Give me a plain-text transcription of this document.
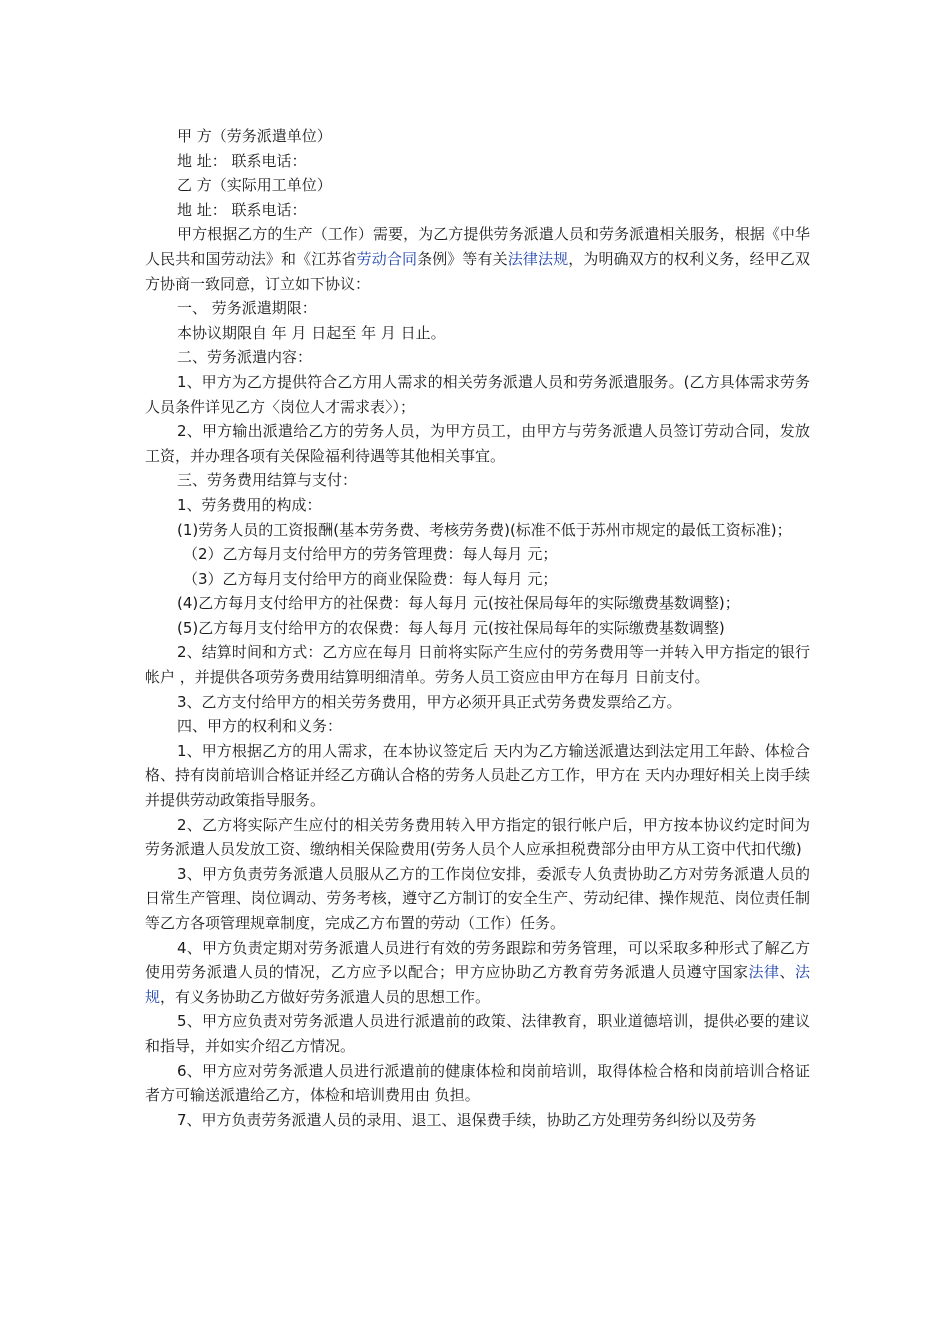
甲 方（劳务派遣单位）

地 址： 联系电话：

乙 方（实际用工单位）

地 址： 联系电话：

甲方根据乙方的生产（工作）需要，为乙方提供劳务派遣人员和劳务派遣相关服务，根据《中华人民共和国劳动法》和《江苏省劳动合同条例》等有关法律法规，为明确双方的权利义务，经甲乙双方协商一致同意，订立如下协议：

一、 劳务派遣期限：

本协议期限自 年 月 日起至 年 月 日止。

二、劳务派遣内容：

1、甲方为乙方提供符合乙方用人需求的相关劳务派遣人员和劳务派遣服务。(乙方具体需求劳务人员条件详见乙方〈岗位人才需求表〉）；

2、甲方输出派遣给乙方的劳务人员，为甲方员工，由甲方与劳务派遣人员签订劳动合同，发放工资，并办理各项有关保险福利待遇等其他相关事宜。

三、劳务费用结算与支付：

1、劳务费用的构成：

(1)劳务人员的工资报酬(基本劳务费、考核劳务费)(标准不低于苏州市规定的最低工资标准)；

（2）乙方每月支付给甲方的劳务管理费：每人每月 元；

（3）乙方每月支付给甲方的商业保险费：每人每月 元；

(4)乙方每月支付给甲方的社保费：每人每月 元(按社保局每年的实际缴费基数调整)；

(5)乙方每月支付给甲方的农保费：每人每月 元(按社保局每年的实际缴费基数调整)

2、结算时间和方式：乙方应在每月 日前将实际产生应付的劳务费用等一并转入甲方指定的银行帐户 ，并提供各项劳务费用结算明细清单。劳务人员工资应由甲方在每月 日前支付。

3、乙方支付给甲方的相关劳务费用，甲方必须开具正式劳务费发票给乙方。

四、甲方的权利和义务：

1、甲方根据乙方的用人需求，在本协议签定后 天内为乙方输送派遣达到法定用工年龄、体检合格、持有岗前培训合格证并经乙方确认合格的劳务人员赴乙方工作，甲方在 天内办理好相关上岗手续并提供劳动政策指导服务。

2、乙方将实际产生应付的相关劳务费用转入甲方指定的银行帐户后，甲方按本协议约定时间为劳务派遣人员发放工资、缴纳相关保险费用(劳务人员个人应承担税费部分由甲方从工资中代扣代缴)

3、甲方负责劳务派遣人员服从乙方的工作岗位安排，委派专人负责协助乙方对劳务派遣人员的日常生产管理、岗位调动、劳务考核，遵守乙方制订的安全生产、劳动纪律、操作规范、岗位责任制等乙方各项管理规章制度，完成乙方布置的劳动（工作）任务。

4、甲方负责定期对劳务派遣人员进行有效的劳务跟踪和劳务管理，可以采取多种形式了解乙方使用劳务派遣人员的情况，乙方应予以配合；甲方应协助乙方教育劳务派遣人员遵守国家法律、法规，有义务协助乙方做好劳务派遣人员的思想工作。

5、甲方应负责对劳务派遣人员进行派遣前的政策、法律教育，职业道德培训，提供必要的建议和指导，并如实介绍乙方情况。

6、甲方应对劳务派遣人员进行派遣前的健康体检和岗前培训，取得体检合格和岗前培训合格证者方可输送派遣给乙方，体检和培训费用由 负担。

7、甲方负责劳务派遣人员的录用、退工、退保费手续，协助乙方处理劳务纠纷以及劳务
